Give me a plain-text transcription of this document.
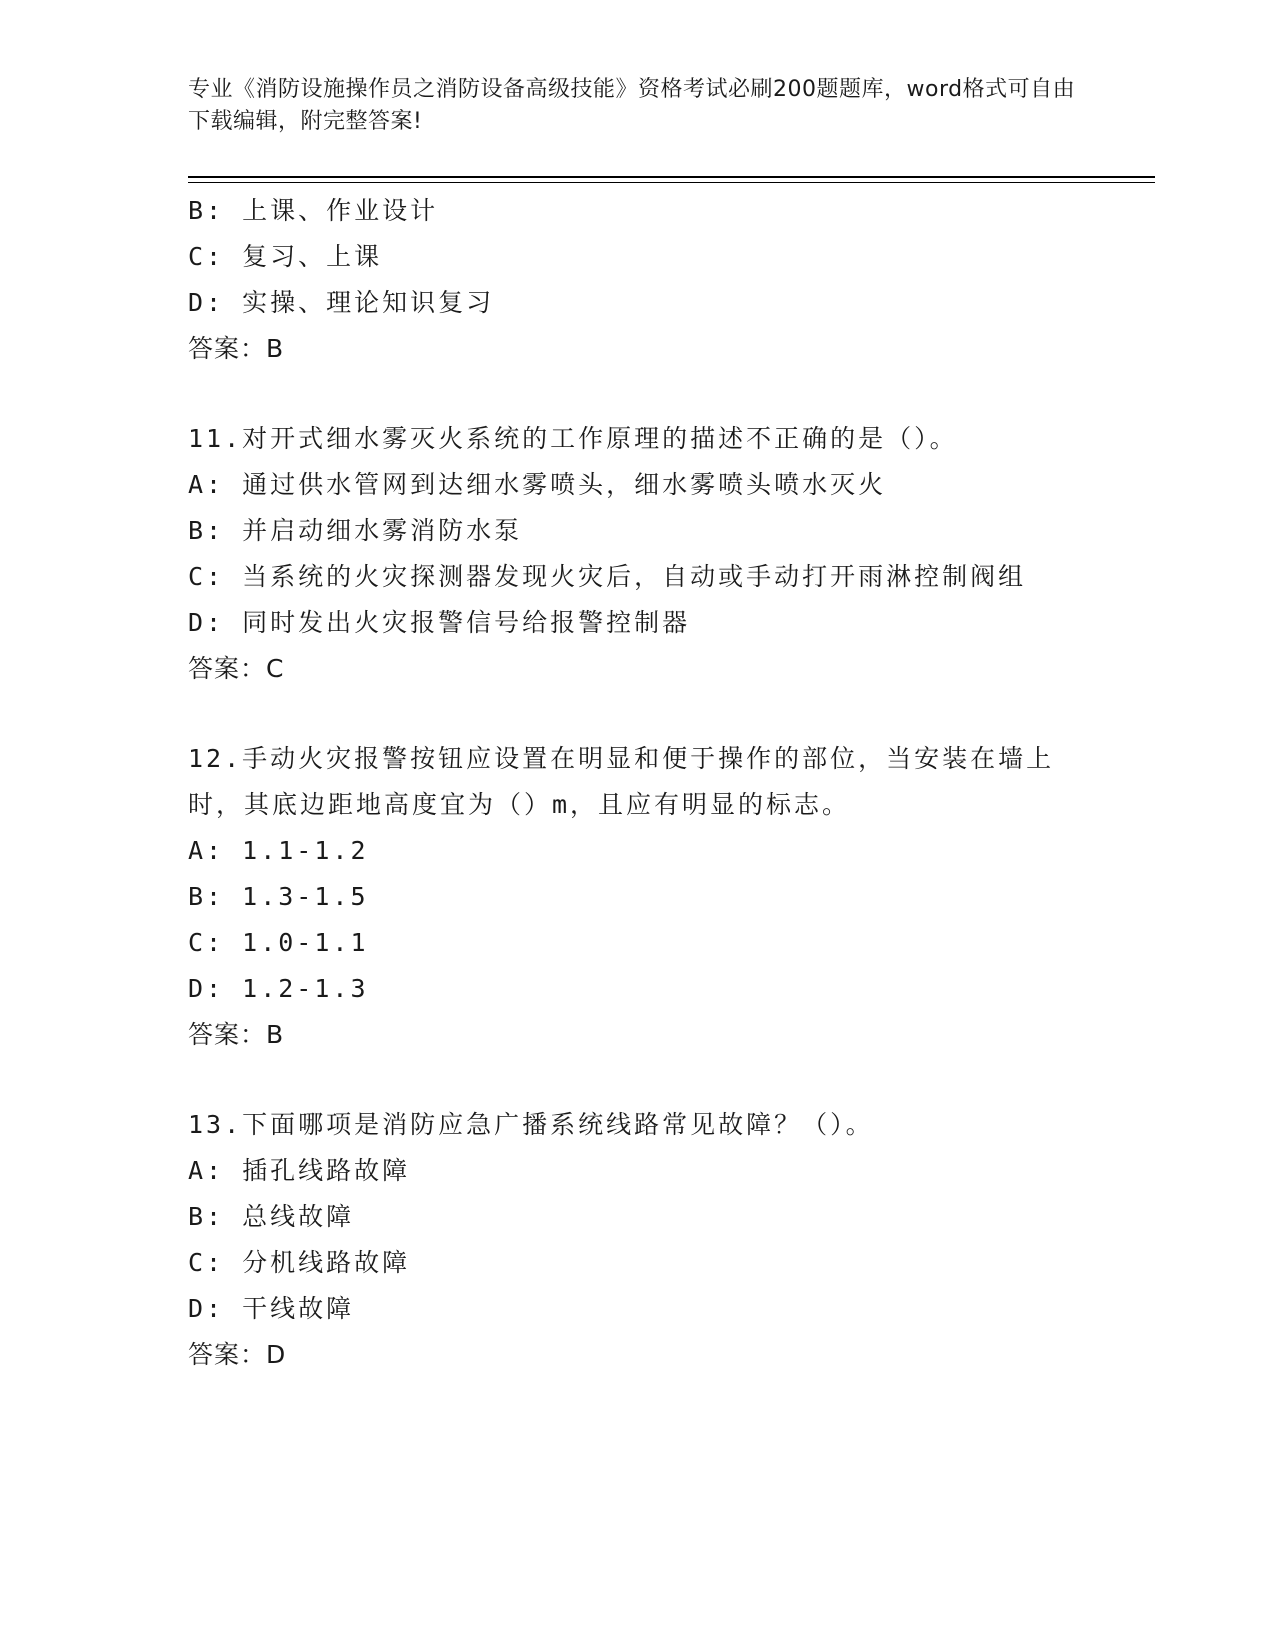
专业《消防设施操作员之消防设备高级技能》资格考试必刷200题题库，word格式可自由下载编辑，附完整答案!
B: 上课、作业设计
C: 复习、上课
D: 实操、理论知识复习
答案：B
11.对开式细水雾灭火系统的工作原理的描述不正确的是（）。
A: 通过供水管网到达细水雾喷头，细水雾喷头喷水灭火
B: 并启动细水雾消防水泵
C: 当系统的火灾探测器发现火灾后，自动或手动打开雨淋控制阀组
D: 同时发出火灾报警信号给报警控制器
答案：C
12.手动火灾报警按钮应设置在明显和便于操作的部位，当安装在墙上
时，其底边距地高度宜为（）m，且应有明显的标志。
A: 1.1-1.2
B: 1.3-1.5
C: 1.0-1.1
D: 1.2-1.3
答案：B
13.下面哪项是消防应急广播系统线路常见故障？（）。
A: 插孔线路故障
B: 总线故障
C: 分机线路故障
D: 干线故障
答案：D
